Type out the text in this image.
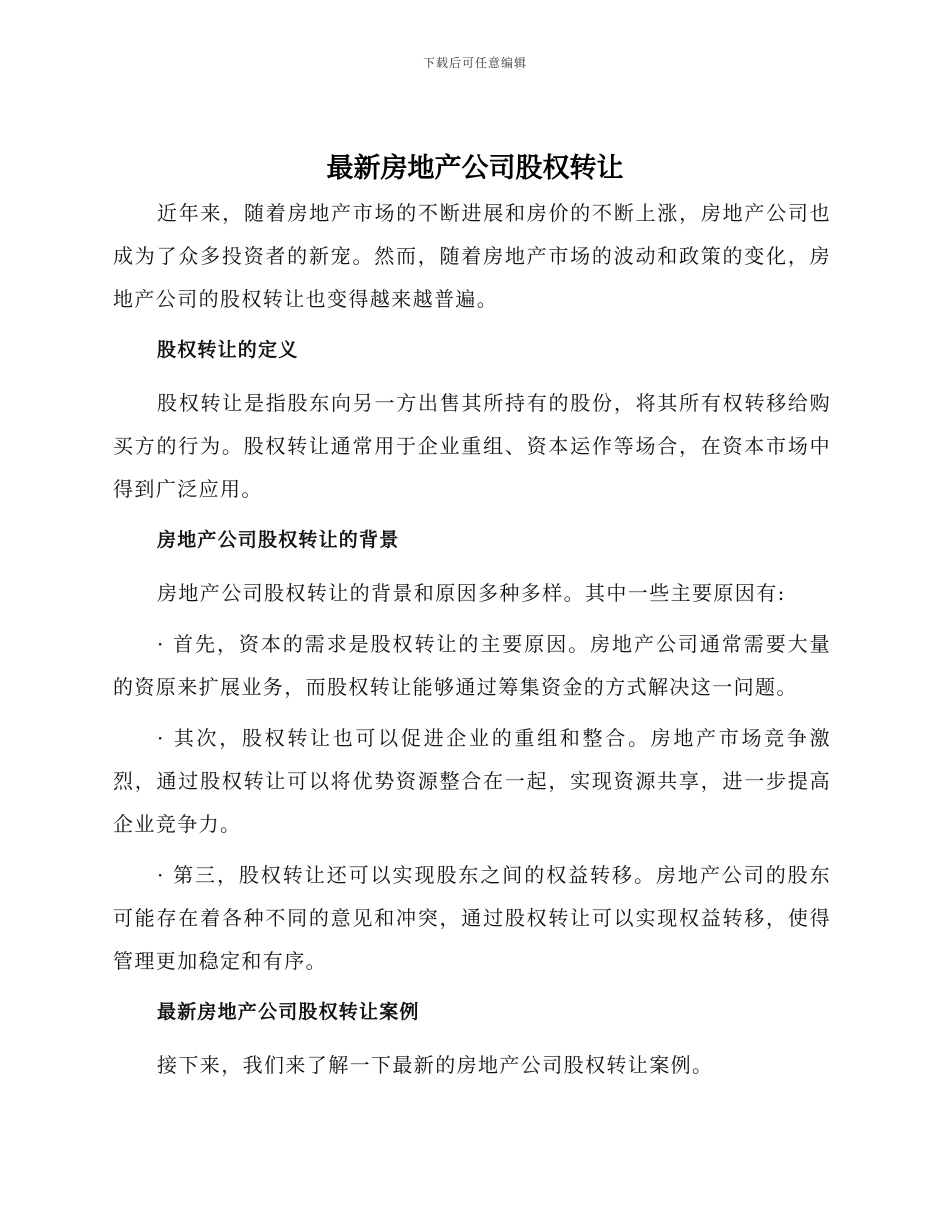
下载后可任意编辑
最新房地产公司股权转让

近年来，随着房地产市场的不断进展和房价的不断上涨，房地产公司也成为了众多投资者的新宠。然而，随着房地产市场的波动和政策的变化，房地产公司的股权转让也变得越来越普遍。

股权转让的定义

股权转让是指股东向另一方出售其所持有的股份，将其所有权转移给购买方的行为。股权转让通常用于企业重组、资本运作等场合，在资本市场中得到广泛应用。

房地产公司股权转让的背景

房地产公司股权转让的背景和原因多种多样。其中一些主要原因有:

· 首先，资本的需求是股权转让的主要原因。房地产公司通常需要大量的资原来扩展业务，而股权转让能够通过筹集资金的方式解决这一问题。

· 其次，股权转让也可以促进企业的重组和整合。房地产市场竞争激烈，通过股权转让可以将优势资源整合在一起，实现资源共享，进一步提高企业竞争力。

· 第三，股权转让还可以实现股东之间的权益转移。房地产公司的股东可能存在着各种不同的意见和冲突，通过股权转让可以实现权益转移，使得管理更加稳定和有序。

最新房地产公司股权转让案例

接下来，我们来了解一下最新的房地产公司股权转让案例。
